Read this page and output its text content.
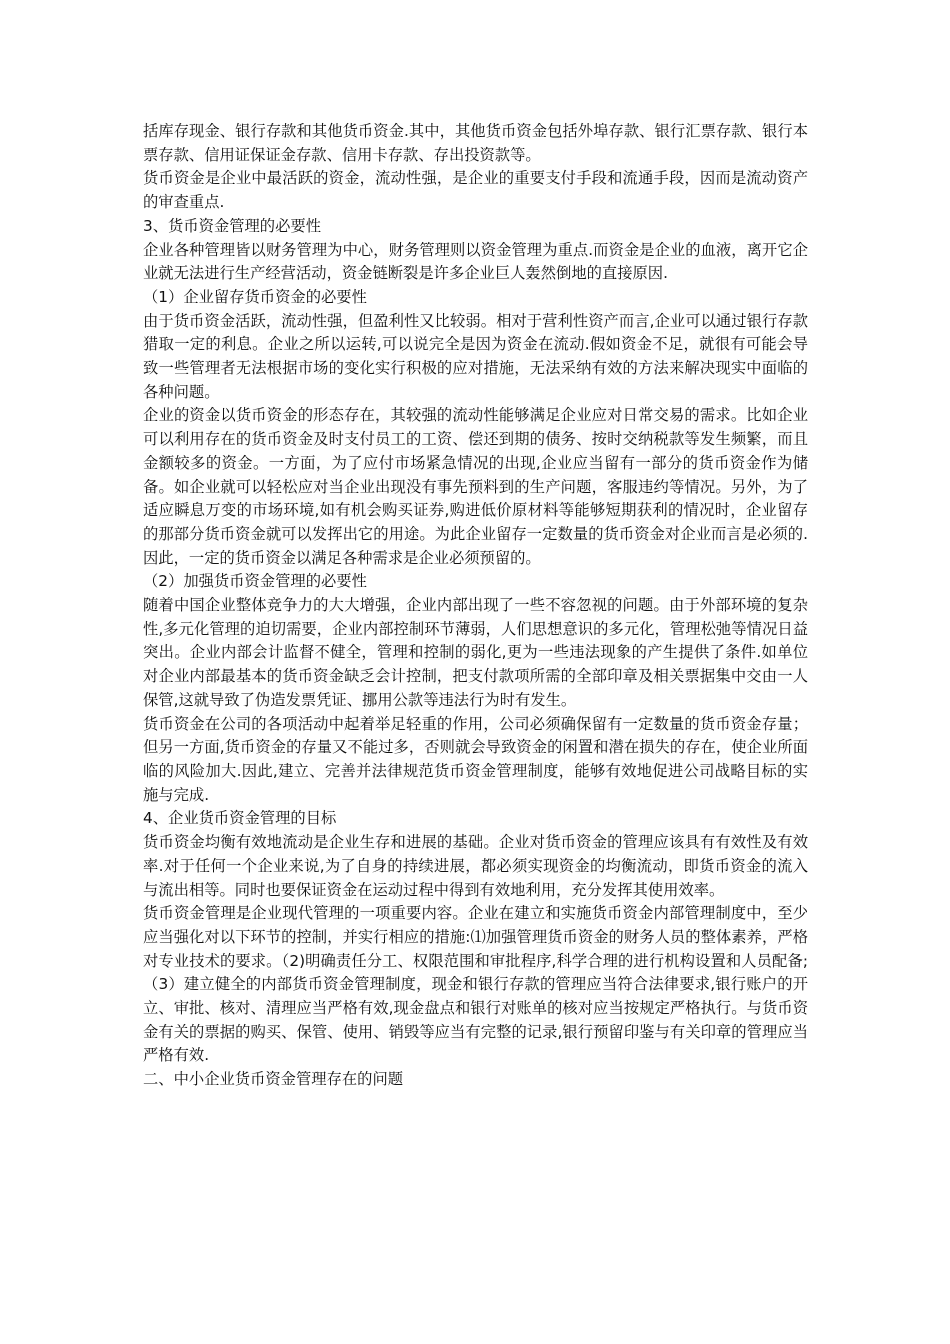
括库存现金、银行存款和其他货币资金.其中，其他货币资金包括外埠存款、银行汇票存款、银行本票存款、信用证保证金存款、信用卡存款、存出投资款等。

货币资金是企业中最活跃的资金，流动性强，是企业的重要支付手段和流通手段，因而是流动资产的审查重点.

3、货币资金管理的必要性

企业各种管理皆以财务管理为中心，财务管理则以资金管理为重点.而资金是企业的血液，离开它企业就无法进行生产经营活动，资金链断裂是许多企业巨人轰然倒地的直接原因.

（1）企业留存货币资金的必要性

由于货币资金活跃，流动性强，但盈利性又比较弱。相对于营利性资产而言,企业可以通过银行存款猎取一定的利息。企业之所以运转,可以说完全是因为资金在流动.假如资金不足，就很有可能会导致一些管理者无法根据市场的变化实行积极的应对措施，无法采纳有效的方法来解决现实中面临的各种问题。

企业的资金以货币资金的形态存在，其较强的流动性能够满足企业应对日常交易的需求。比如企业可以利用存在的货币资金及时支付员工的工资、偿还到期的债务、按时交纳税款等发生频繁，而且金额较多的资金。一方面，为了应付市场紧急情况的出现,企业应当留有一部分的货币资金作为储备。如企业就可以轻松应对当企业出现没有事先预料到的生产问题，客服违约等情况。另外，为了适应瞬息万变的市场环境,如有机会购买证券,购进低价原材料等能够短期获利的情况时，企业留存的那部分货币资金就可以发挥出它的用途。为此企业留存一定数量的货币资金对企业而言是必须的.因此，一定的货币资金以满足各种需求是企业必须预留的。

（2）加强货币资金管理的必要性

随着中国企业整体竞争力的大大增强，企业内部出现了一些不容忽视的问题。由于外部环境的复杂性,多元化管理的迫切需要，企业内部控制环节薄弱，人们思想意识的多元化，管理松弛等情况日益突出。企业内部会计监督不健全，管理和控制的弱化,更为一些违法现象的产生提供了条件.如单位对企业内部最基本的货币资金缺乏会计控制，把支付款项所需的全部印章及相关票据集中交由一人保管,这就导致了伪造发票凭证、挪用公款等违法行为时有发生。

货币资金在公司的各项活动中起着举足轻重的作用，公司必须确保留有一定数量的货币资金存量；但另一方面,货币资金的存量又不能过多，否则就会导致资金的闲置和潜在损失的存在，使企业所面临的风险加大.因此,建立、完善并法律规范货币资金管理制度，能够有效地促进公司战略目标的实施与完成.

4、企业货币资金管理的目标

货币资金均衡有效地流动是企业生存和进展的基础。企业对货币资金的管理应该具有有效性及有效率.对于任何一个企业来说,为了自身的持续进展，都必须实现资金的均衡流动，即货币资金的流入与流出相等。同时也要保证资金在运动过程中得到有效地利用，充分发挥其使用效率。

货币资金管理是企业现代管理的一项重要内容。企业在建立和实施货币资金内部管理制度中，至少应当强化对以下环节的控制，并实行相应的措施:⑴加强管理货币资金的财务人员的整体素养，严格对专业技术的要求。（2)明确责任分工、权限范围和审批程序,科学合理的进行机构设置和人员配备;（3）建立健全的内部货币资金管理制度，现金和银行存款的管理应当符合法律要求,银行账户的开立、审批、核对、清理应当严格有效,现金盘点和银行对账单的核对应当按规定严格执行。与货币资金有关的票据的购买、保管、使用、销毁等应当有完整的记录,银行预留印鉴与有关印章的管理应当严格有效.

二、中小企业货币资金管理存在的问题
